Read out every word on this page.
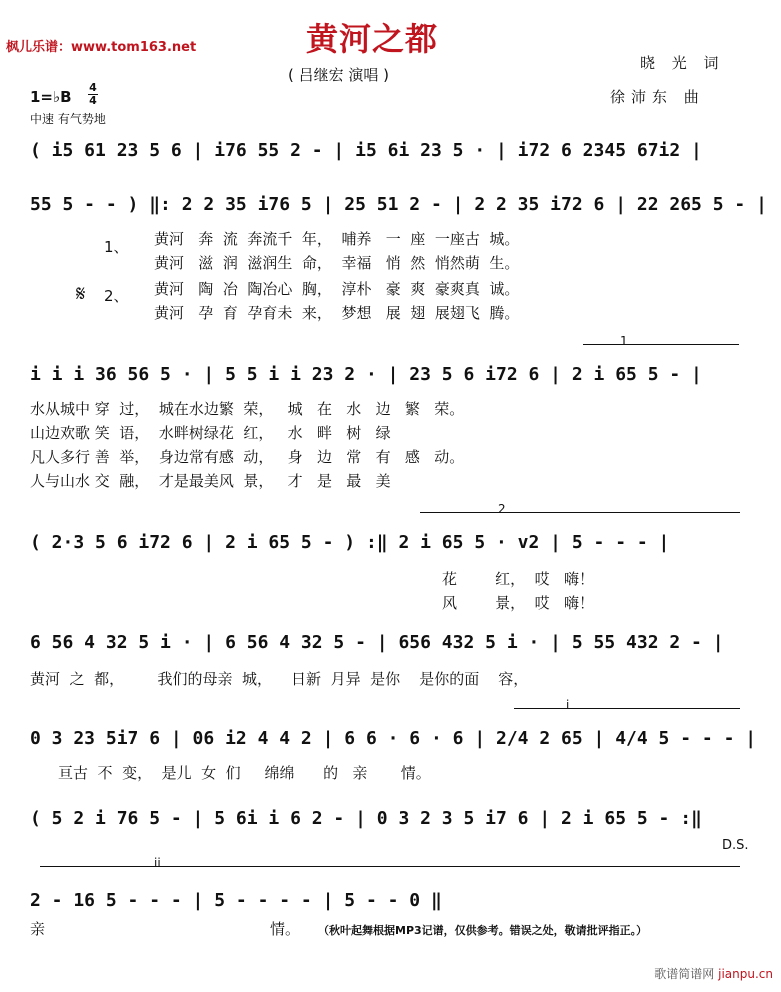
枫儿乐谱：www.tom163.net	黄河之都
( 吕继宏 演唱 )
晓 光 词
徐沛东 曲
1=♭B
4
4
中速 有气势地
( i5 61 23 5 6 | i76 55 2 - | i5 6i 23 5 · | i72 6 2345 67i2 |
55 5 - - ) ‖: 2 2 35 i76 5 | 25 51 2 - | 2 2 35 i72 6 | 22 265 5 - |
1、
𝄋 2、
黄河   奔  流  奔流千  年，  哺养   一  座  一座古  城。
黄河   滋  润  滋润生  命，  幸福   悄  然  悄然萌  生。
黄河   陶  冶  陶冶心  胸，  淳朴   豪  爽  豪爽真  诚。
黄河   孕  育  孕育未  来，  梦想   展  翅  展翅飞  腾。
1
i i i 36 56 5 · | 5 5 i i 23 2 · | 23 5 6 i72 6 | 2 i 65 5 - |
水从城中 穿  过，  城在水边繁  荣，   城   在   水   边   繁   荣。
山边欢歌 笑  语，  水畔树绿花  红，   水   畔   树   绿
凡人多行 善  举，  身边常有感  动，   身   边   常   有   感   动。
人与山水 交  融，  才是最美风  景，   才   是   最   美
2
( 2·3 5 6 i72 6 | 2 i 65 5 - ) :‖ 2 i 65 5 · v2 | 5 - - - |
花        红，  哎   嗨！
风        景，  哎   嗨！
6 56 4 32 5 i · | 6 56 4 32 5 - | 656 432 5 i · | 5 55 432 2 - |
黄河  之  都，       我们的母亲  城，    日新  月异  是你    是你的面    容，
i
0 3 23 5i7 6 | 06 i2 4 4 2 | 6 6 · 6 · 6 | 2/4 2 65 | 4/4 5 - - - |
亘古  不  变，  是儿  女  们     绵绵      的   亲       情。
( 5 2 i 76 5 - | 5 6i i 6 2 - | 0 3 2 3 5 i7 6 | 2 i 65 5 - :‖
D.S.
ii
2 - 16 5 - - - | 5 - - - - | 5 - - 0 ‖
亲	情。 （秋叶起舞根据MP3记谱，仅供参考。错误之处，敬请批评指正。）
歌谱简谱网 jianpu.cn
